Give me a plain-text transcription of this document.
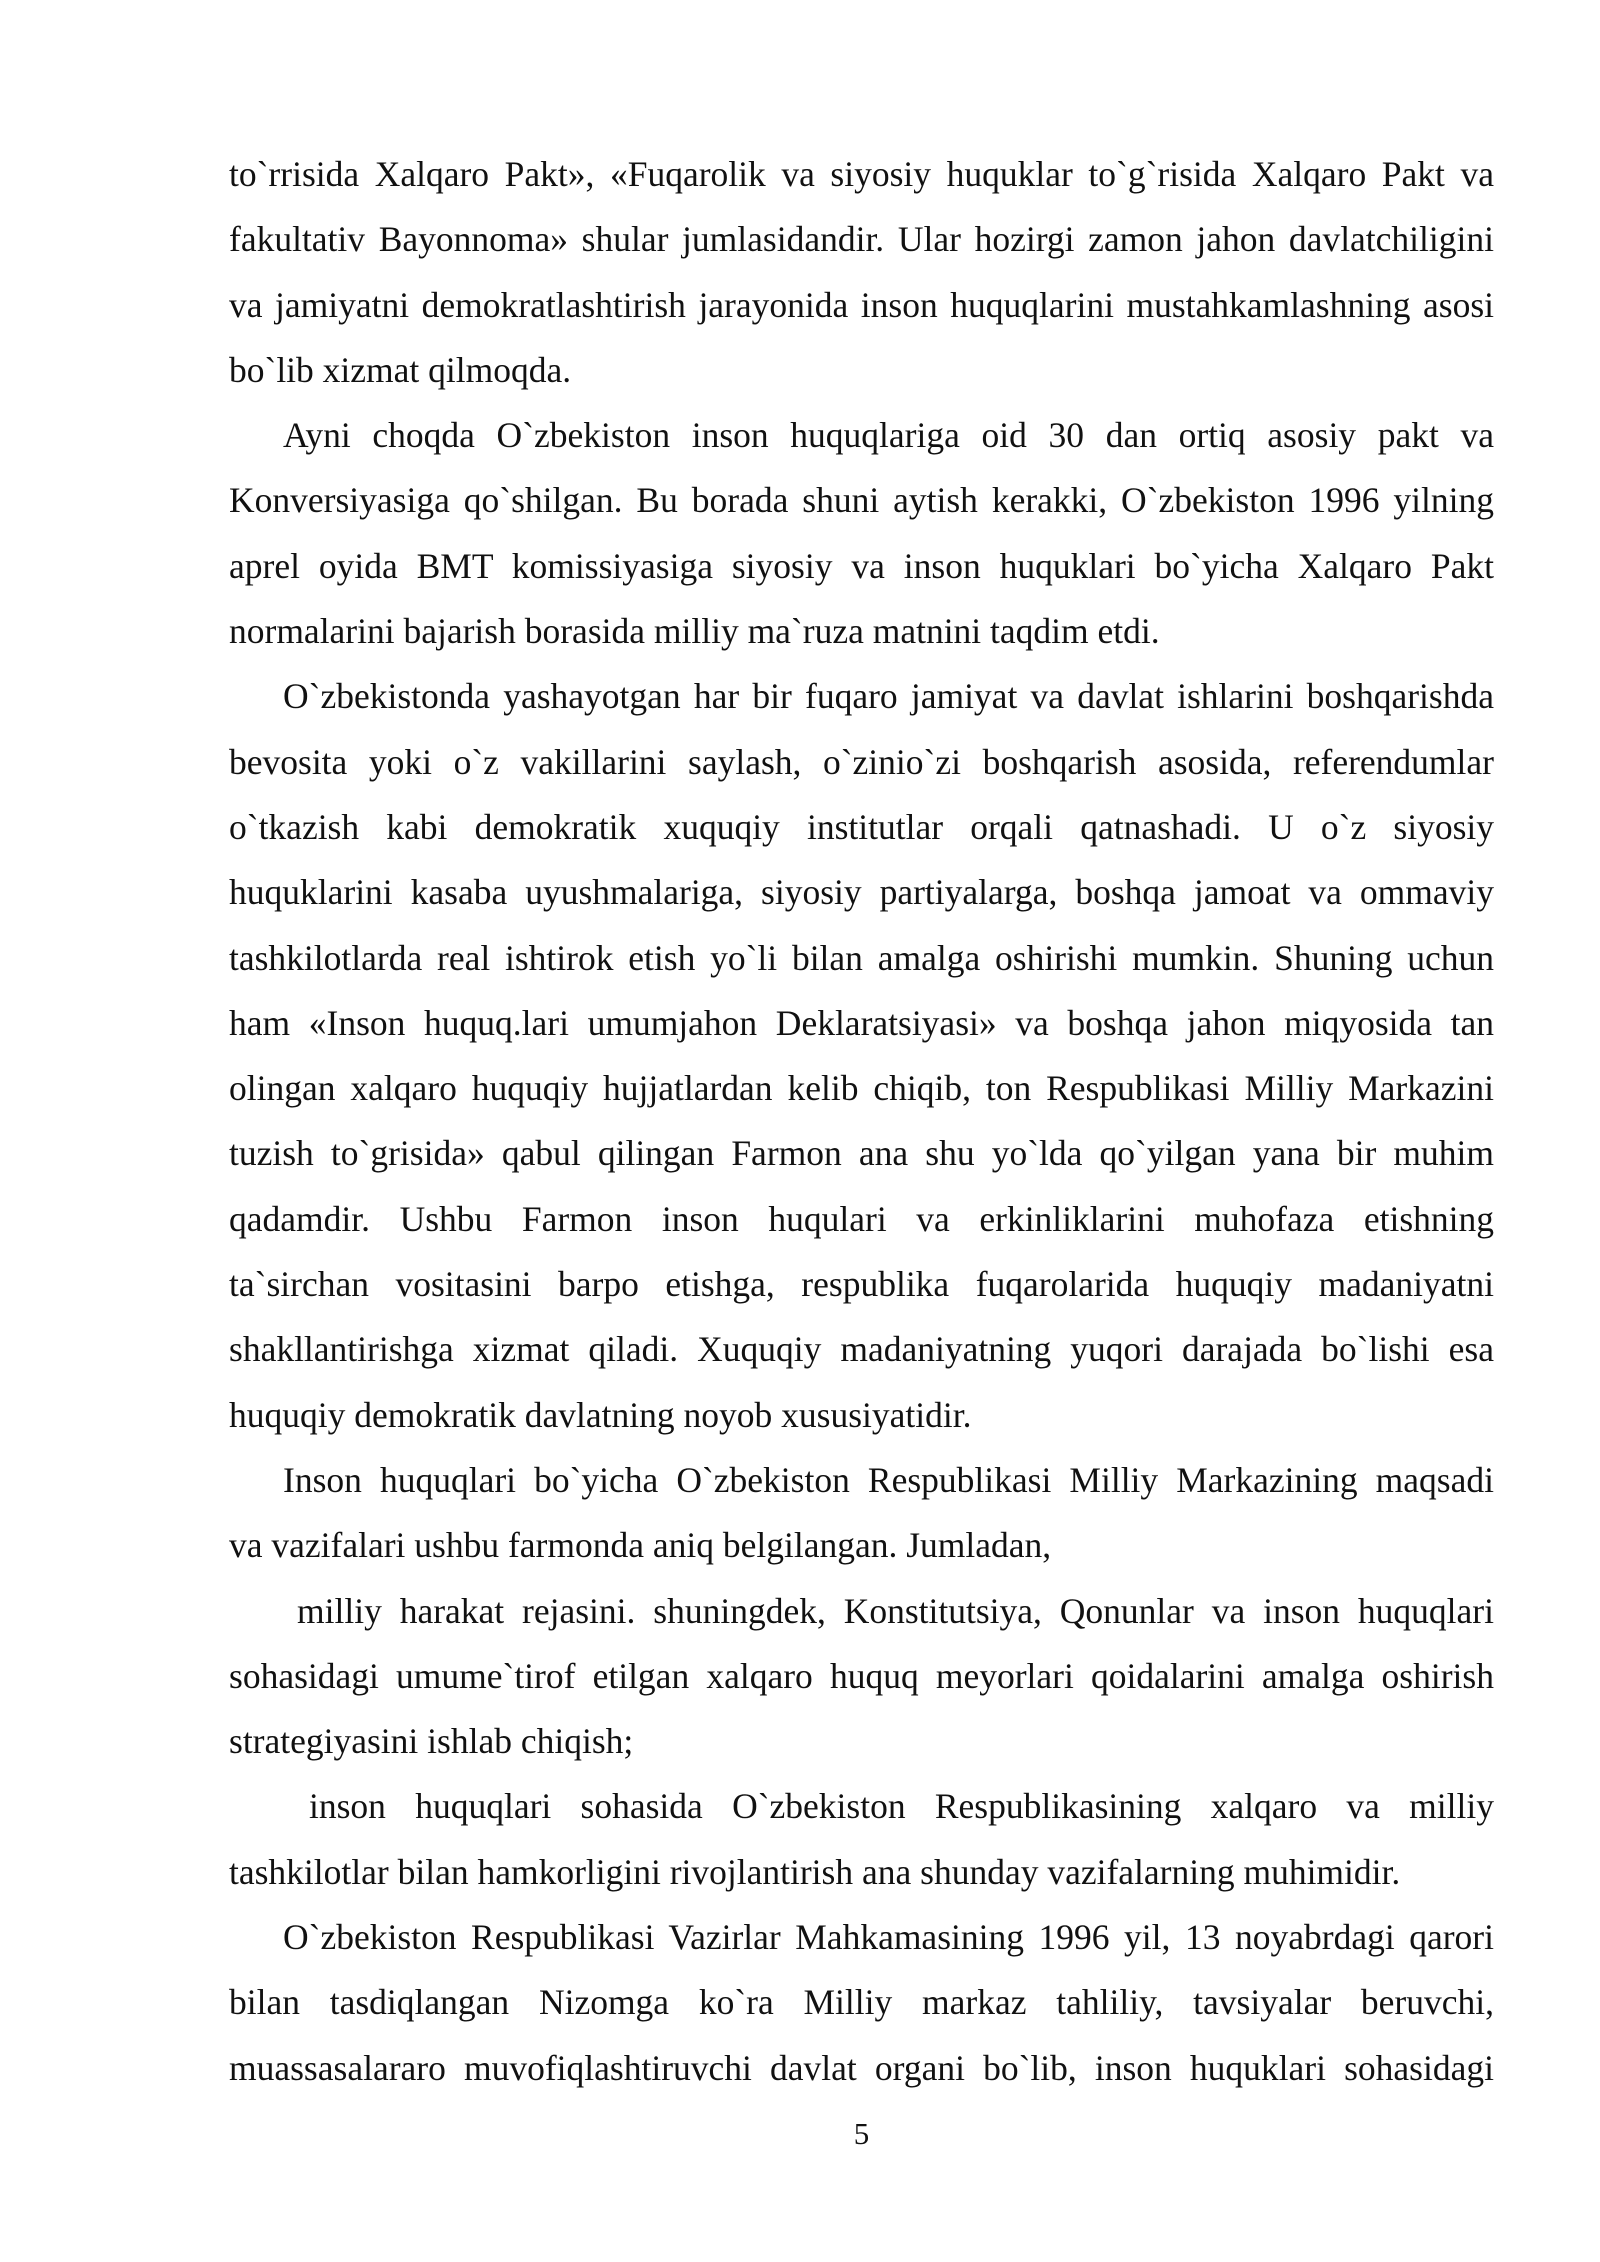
to`rrisida Xalqaro Pakt», «Fuqarolik va siyosiy huquklar to`g`risida Xalqaro Pakt va
fakultativ Bayonnoma» shular jumlasidandir. Ular hozirgi zamon jahon davlatchiligini
va jamiyatni demokratlashtirish jarayonida inson huquqlarini mustahkamlashning asosi
bo`lib xizmat qilmoqda.
Ayni choqda O`zbekiston inson huquqlariga oid 30 dan ortiq asosiy pakt va
Konversiyasiga qo`shilgan. Bu borada shuni aytish kerakki, O`zbekiston 1996 yilning
aprel oyida BMT komissiyasiga siyosiy va inson huquklari bo`yicha Xalqaro Pakt
normalarini bajarish borasida milliy ma`ruza matnini taqdim etdi.
O`zbekistonda yashayotgan har bir fuqaro jamiyat va davlat ishlarini boshqarishda
bevosita yoki o`z vakillarini saylash, o`zinio`zi boshqarish asosida, referendumlar
o`tkazish kabi demokratik xuquqiy institutlar orqali qatnashadi. U o`z siyosiy
huquklarini kasaba uyushmalariga, siyosiy partiyalarga, boshqa jamoat va ommaviy
tashkilotlarda real ishtirok etish yo`li bilan amalga oshirishi mumkin. Shuning uchun
ham «Inson huquq.lari umumjahon Deklaratsiyasi» va boshqa jahon miqyosida tan
olingan xalqaro huquqiy hujjatlardan kelib chiqib, ton Respublikasi Milliy Markazini
tuzish to`grisida» qabul qilingan Farmon ana shu yo`lda qo`yilgan yana bir muhim
qadamdir. Ushbu Farmon inson huqulari va erkinliklarini muhofaza etishning
ta`sirchan vositasini barpo etishga, respublika fuqarolarida huquqiy madaniyatni
shakllantirishga xizmat qiladi. Xuquqiy madaniyatning yuqori darajada bo`lishi esa
huquqiy demokratik davlatning noyob xususiyatidir.
Inson huquqlari bo`yicha O`zbekiston Respublikasi Milliy Markazining maqsadi
va vazifalari ushbu farmonda aniq belgilangan. Jumladan,
milliy harakat rejasini. shuningdek, Konstitutsiya, Qonunlar va inson huquqlari
sohasidagi umume`tirof etilgan xalqaro huquq meyorlari qoidalarini amalga oshirish
strategiyasini ishlab chiqish;
inson huquqlari sohasida O`zbekiston Respublikasining xalqaro va milliy
tashkilotlar bilan hamkorligini rivojlantirish ana shunday vazifalarning muhimidir.
O`zbekiston Respublikasi Vazirlar Mahkamasining 1996 yil, 13 noyabrdagi qarori
bilan tasdiqlangan Nizomga ko`ra Milliy markaz tahliliy, tavsiyalar beruvchi,
muassasalararo muvofiqlashtiruvchi davlat organi bo`lib, inson huquklari sohasidagi
5
